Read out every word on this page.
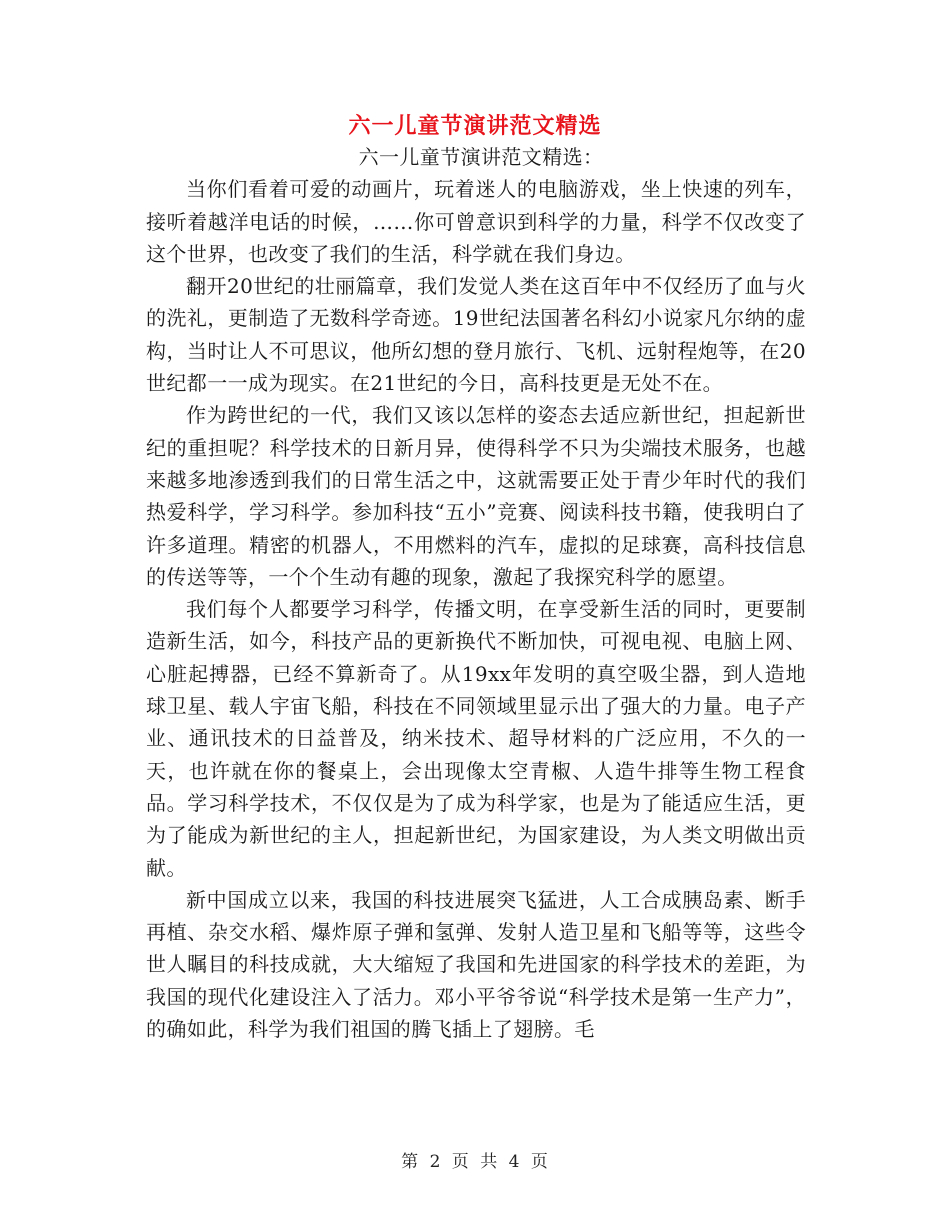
六一儿童节演讲范文精选

六一儿童节演讲范文精选：

当你们看着可爱的动画片，玩着迷人的电脑游戏，坐上快速的列车，接听着越洋电话的时候，……你可曾意识到科学的力量，科学不仅改变了这个世界，也改变了我们的生活，科学就在我们身边。

翻开20世纪的壮丽篇章，我们发觉人类在这百年中不仅经历了血与火的洗礼，更制造了无数科学奇迹。19世纪法国著名科幻小说家凡尔纳的虚构，当时让人不可思议，他所幻想的登月旅行、飞机、远射程炮等，在20世纪都一一成为现实。在21世纪的今日，高科技更是无处不在。

作为跨世纪的一代，我们又该以怎样的姿态去适应新世纪，担起新世纪的重担呢？科学技术的日新月异，使得科学不只为尖端技术服务，也越来越多地渗透到我们的日常生活之中，这就需要正处于青少年时代的我们热爱科学，学习科学。参加科技“五小”竞赛、阅读科技书籍，使我明白了许多道理。精密的机器人，不用燃料的汽车，虚拟的足球赛，高科技信息的传送等等，一个个生动有趣的现象，激起了我探究科学的愿望。

我们每个人都要学习科学，传播文明，在享受新生活的同时，更要制造新生活，如今，科技产品的更新换代不断加快，可视电视、电脑上网、心脏起搏器，已经不算新奇了。从19xx年发明的真空吸尘器，到人造地球卫星、载人宇宙飞船，科技在不同领域里显示出了强大的力量。电子产业、通讯技术的日益普及，纳米技术、超导材料的广泛应用，不久的一天，也许就在你的餐桌上，会出现像太空青椒、人造牛排等生物工程食品。学习科学技术，不仅仅是为了成为科学家，也是为了能适应生活，更为了能成为新世纪的主人，担起新世纪，为国家建设，为人类文明做出贡献。

新中国成立以来，我国的科技进展突飞猛进，人工合成胰岛素、断手再植、杂交水稻、爆炸原子弹和氢弹、发射人造卫星和飞船等等，这些令世人瞩目的科技成就，大大缩短了我国和先进国家的科学技术的差距，为我国的现代化建设注入了活力。邓小平爷爷说“科学技术是第一生产力”，的确如此，科学为我们祖国的腾飞插上了翅膀。毛

第 2 页 共 4 页
